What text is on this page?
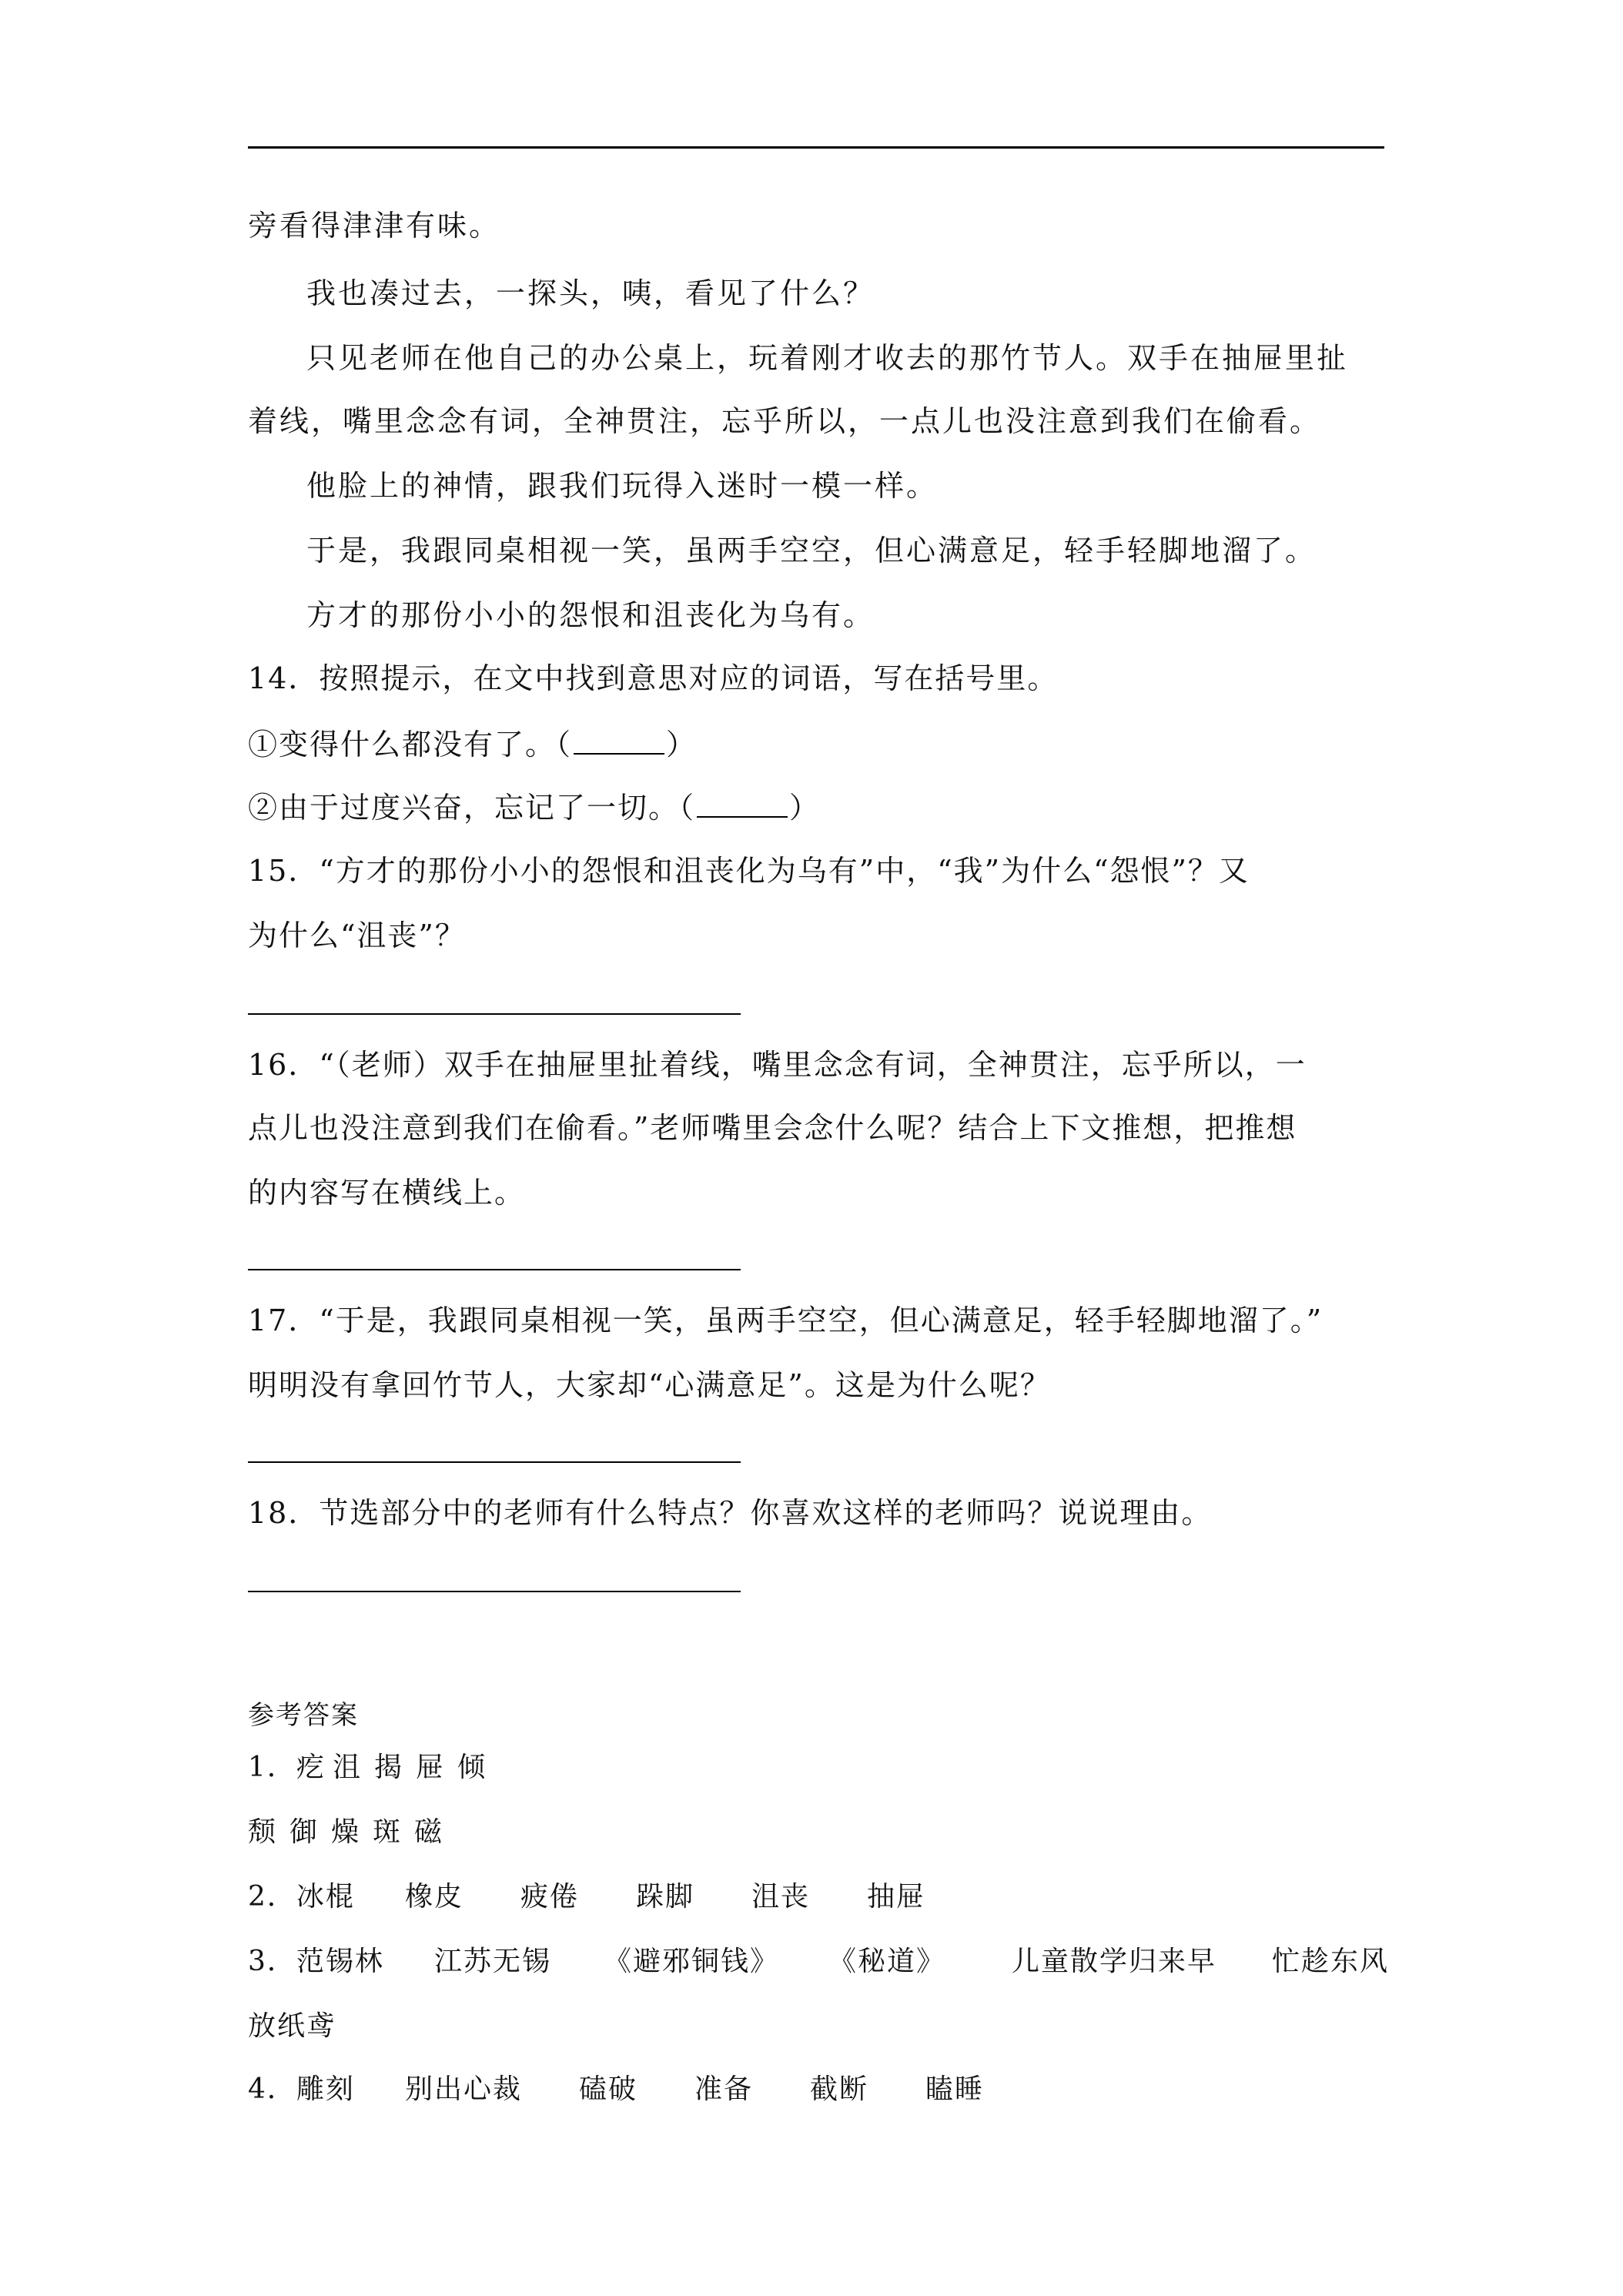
旁看得津津有味。
我也凑过去，一探头，咦，看见了什么？
只见老师在他自己的办公桌上，玩着刚才收去的那竹节人。双手在抽屉里扯
着线，嘴里念念有词，全神贯注，忘乎所以，一点儿也没注意到我们在偷看。
他脸上的神情，跟我们玩得入迷时一模一样。
于是，我跟同桌相视一笑，虽两手空空，但心满意足，轻手轻脚地溜了。
方才的那份小小的怨恨和沮丧化为乌有。
14．按照提示，在文中找到意思对应的词语，写在括号里。
①变得什么都没有了。（	）
②由于过度兴奋，忘记了一切。（	）
15．“方才的那份小小的怨恨和沮丧化为乌有”中，“我”为什么“怨恨”？又
为什么“沮丧”？
16．“（老师）双手在抽屉里扯着线，嘴里念念有词，全神贯注，忘乎所以，一
点儿也没注意到我们在偷看。”老师嘴里会念什么呢？结合上下文推想，把推想
的内容写在横线上。
17．“于是，我跟同桌相视一笑，虽两手空空，但心满意足，轻手轻脚地溜了。”
明明没有拿回竹节人，大家却“心满意足”。这是为什么呢？
18．节选部分中的老师有什么特点？你喜欢这样的老师吗？说说理由。
参考答案
1．疙 沮 揭 屉 倾
颓 御 燥 斑 磁
2．冰棍 橡皮 疲倦 跺脚 沮丧 抽屉
3．范锡林 江苏无锡 《避邪铜钱》 《秘道》 儿童散学归来早 忙趁东风
放纸鸢
4．雕刻 别出心裁 磕破 准备 截断 瞌睡
